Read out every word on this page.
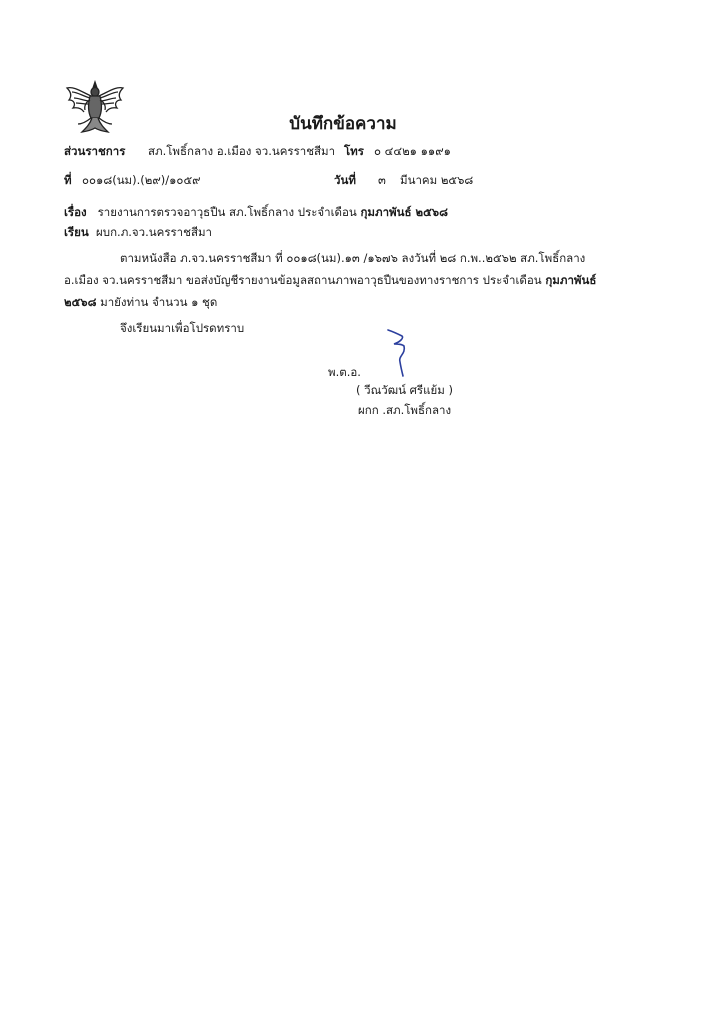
บันทึกข้อความ
ส่วนราชการ สภ.โพธิ์กลาง อ.เมือง จว.นครราชสีมา โทร ๐ ๔๔๒๑ ๑๑๙๑
ที่ ๐๐๑๘(นม).(๒๙)/๑๐๕๙	วันที่ ๓ มีนาคม ๒๕๖๘
เรื่อง รายงานการตรวจอาวุธปืน สภ.โพธิ์กลาง ประจำเดือน กุมภาพันธ์ ๒๕๖๘
เรียน ผบก.ภ.จว.นครราชสีมา
ตามหนังสือ ภ.จว.นครราชสีมา ที่ ๐๐๑๘(นม).๑๓ /๑๖๗๖ ลงวันที่ ๒๘ ก.พ..๒๕๖๒ สภ.โพธิ์กลาง
อ.เมือง จว.นครราชสีมา ขอส่งบัญชีรายงานข้อมูลสถานภาพอาวุธปืนของทางราชการ ประจำเดือน กุมภาพันธ์
๒๕๖๘ มายังท่าน จำนวน ๑ ชุด
จึงเรียนมาเพื่อโปรดทราบ
พ.ต.อ.
( วีณวัฒน์ ศรีแย้ม )
ผกก .สภ.โพธิ์กลาง
